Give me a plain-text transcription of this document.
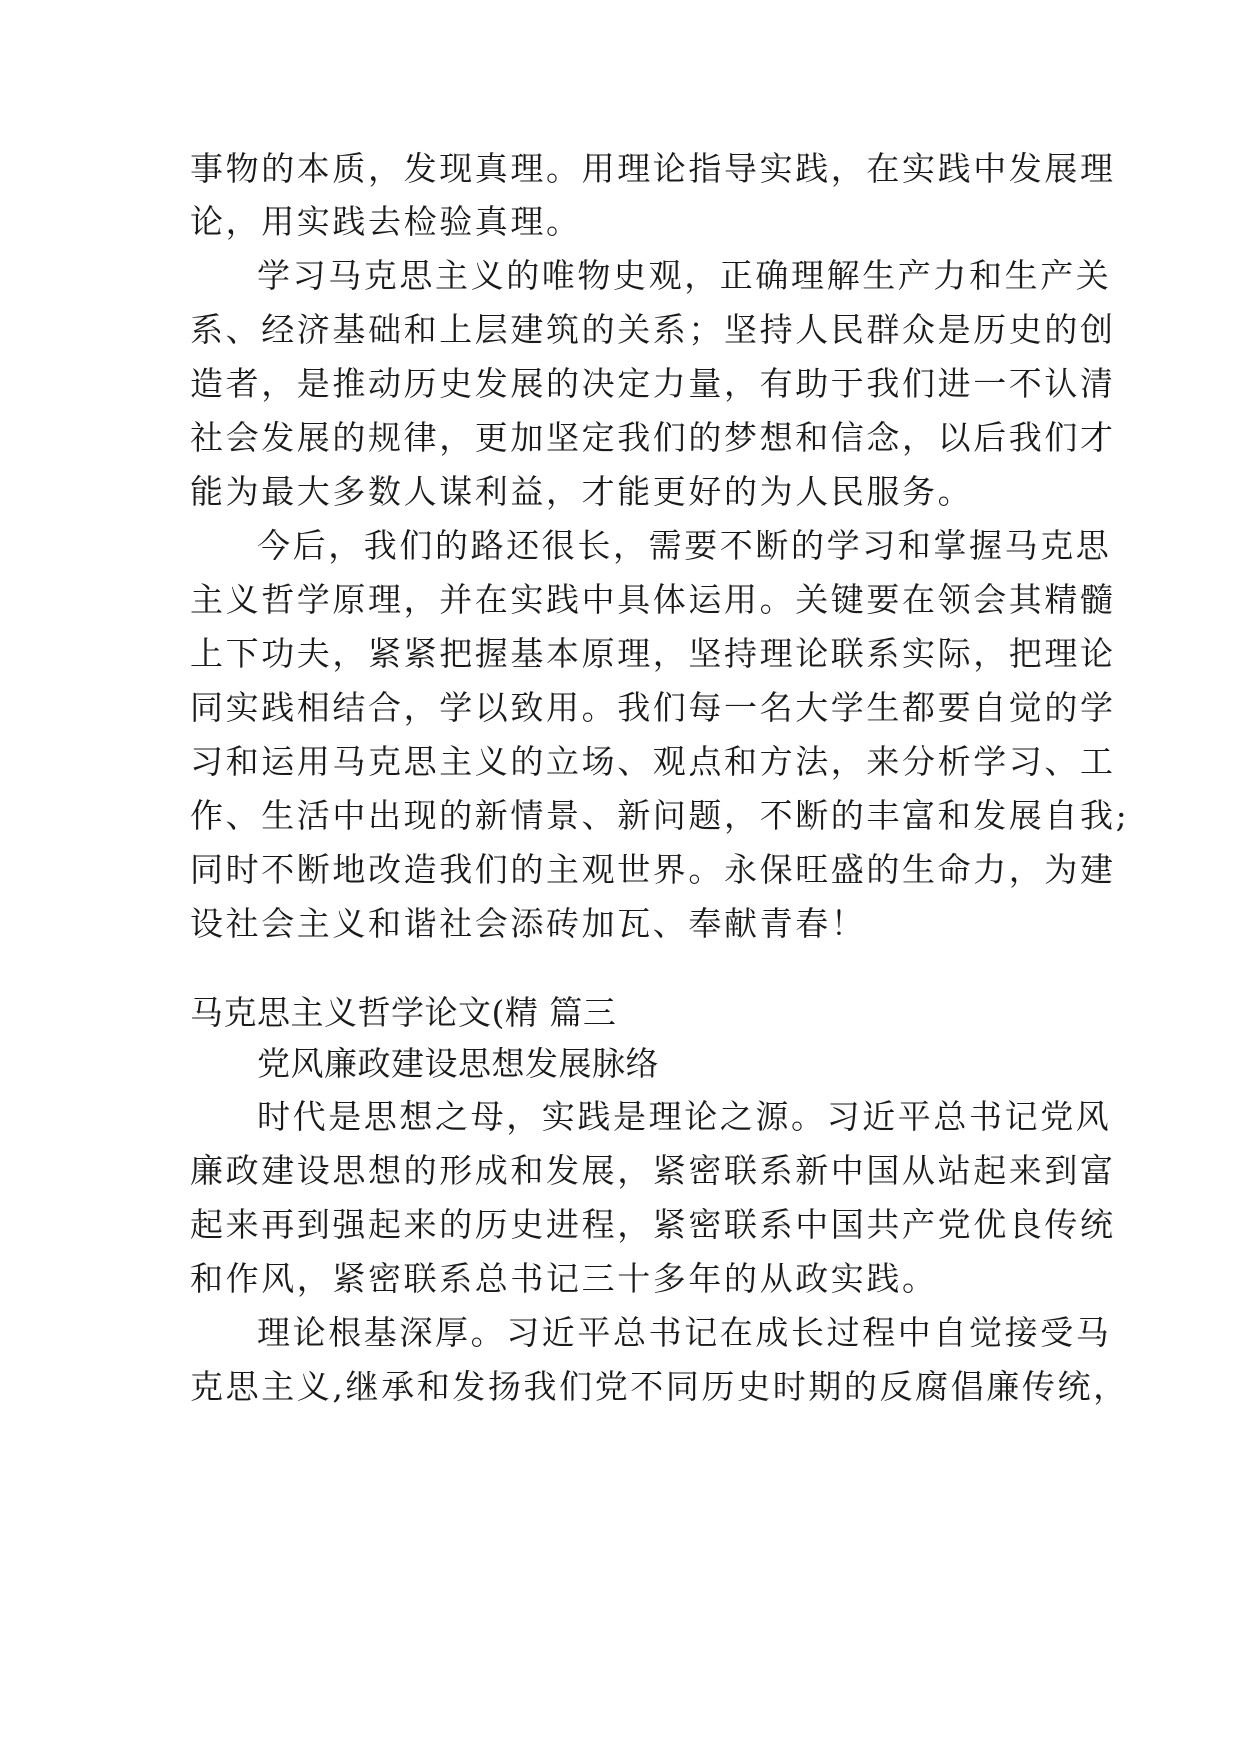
事物的本质，发现真理。用理论指导实践，在实践中发展理
论，用实践去检验真理。
学习马克思主义的唯物史观，正确理解生产力和生产关
系、经济基础和上层建筑的关系；坚持人民群众是历史的创
造者，是推动历史发展的决定力量，有助于我们进一不认清
社会发展的规律，更加坚定我们的梦想和信念，以后我们才
能为最大多数人谋利益，才能更好的为人民服务。
今后，我们的路还很长，需要不断的学习和掌握马克思
主义哲学原理，并在实践中具体运用。关键要在领会其精髓
上下功夫，紧紧把握基本原理，坚持理论联系实际，把理论
同实践相结合，学以致用。我们每一名大学生都要自觉的学
习和运用马克思主义的立场、观点和方法，来分析学习、工
作、生活中出现的新情景、新问题，不断的丰富和发展自我;
同时不断地改造我们的主观世界。永保旺盛的生命力，为建
设社会主义和谐社会添砖加瓦、奉献青春！
马克思主义哲学论文(精 篇三
党风廉政建设思想发展脉络
时代是思想之母，实践是理论之源。习近平总书记党风
廉政建设思想的形成和发展，紧密联系新中国从站起来到富
起来再到强起来的历史进程，紧密联系中国共产党优良传统
和作风，紧密联系总书记三十多年的从政实践。
理论根基深厚。习近平总书记在成长过程中自觉接受马
克思主义,继承和发扬我们党不同历史时期的反腐倡廉传统，
